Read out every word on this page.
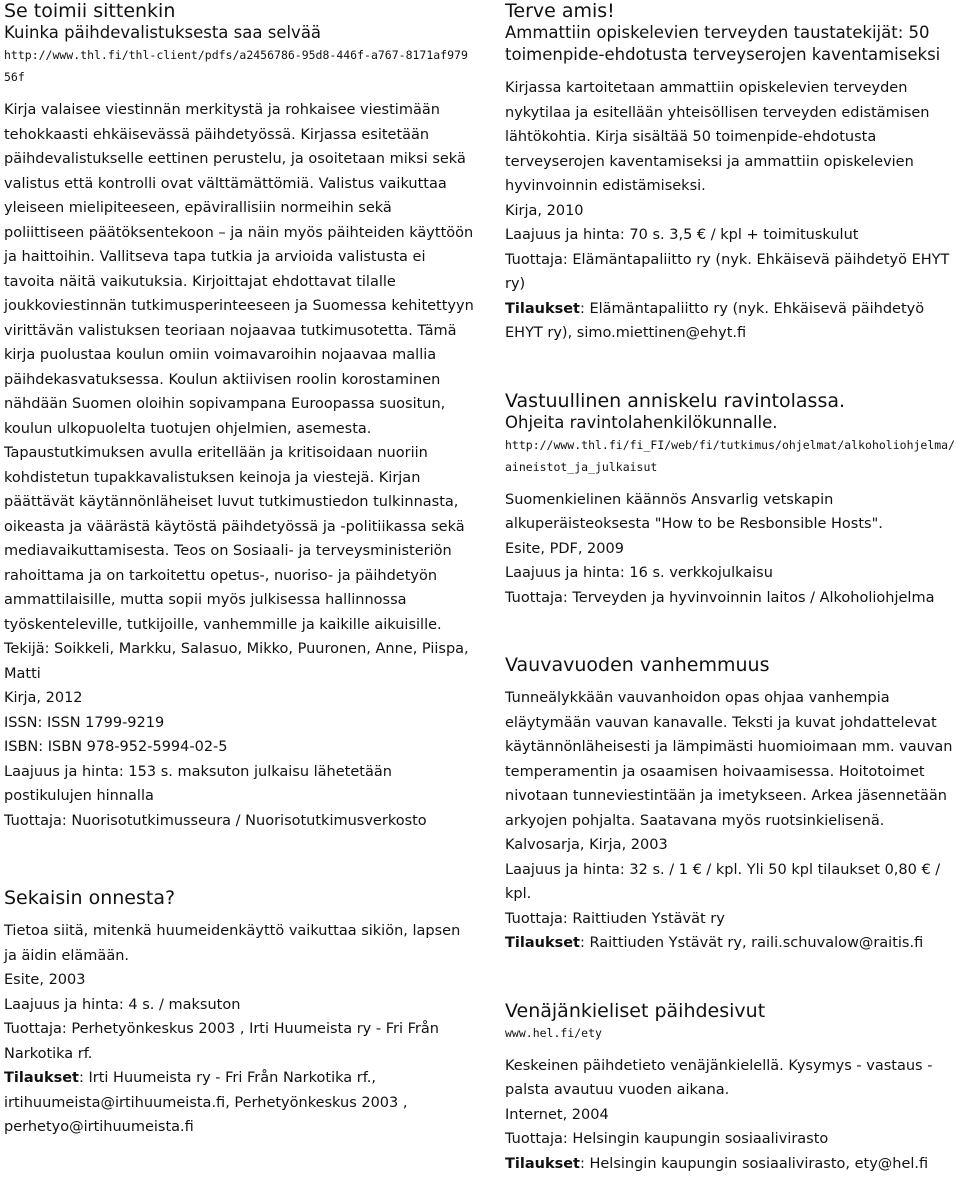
Se toimii sittenkin
Kuinka päihdevalistuksesta saa selvää

http://www.thl.fi/thl-client/pdfs/a2456786-95d8-446f-a767-8171af97956f

Kirja valaisee viestinnän merkitystä ja rohkaisee viestimään tehokkaasti ehkäisevässä päihdetyössä. Kirjassa esitetään päihdevalistukselle eettinen perustelu, ja osoitetaan miksi sekä valistus että kontrolli ovat välttämättömiä. Valistus vaikuttaa yleiseen mielipiteeseen, epävirallisiin normeihin sekä poliittiseen päätöksentekoon – ja näin myös päihteiden käyttöön ja haittoihin. Vallitseva tapa tutkia ja arvioida valistusta ei tavoita näitä vaikutuksia. Kirjoittajat ehdottavat tilalle joukkoviestinnän tutkimusperinteeseen ja Suomessa kehitettyyn virittävän valistuksen teoriaan nojaavaa tutkimusotetta. Tämä kirja puolustaa koulun omiin voimavaroihin nojaavaa mallia päihdekasvatuksessa. Koulun aktiivisen roolin korostaminen nähdään Suomen oloihin sopivampana Euroopassa suositun, koulun ulkopuolelta tuotujen ohjelmien, asemesta. Tapaustutkimuksen avulla eritellään ja kritisoidaan nuoriin kohdistetun tupakkavalistuksen keinoja ja viestejä. Kirjan päättävät käytännönläheiset luvut tutkimustiedon tulkinnasta, oikeasta ja väärästä käytöstä päihdetyössä ja -politiikassa sekä mediavaikuttamisesta. Teos on Sosiaali- ja terveysministeriön rahoittama ja on tarkoitettu opetus-, nuoriso- ja päihdetyön ammattilaisille, mutta sopii myös julkisessa hallinnossa työskenteleville, tutkijoille, vanhemmille ja kaikille aikuisille.

Tekijä: Soikkeli, Markku, Salasuo, Mikko, Puuronen, Anne, Piispa, Matti

Kirja, 2012

ISSN: ISSN 1799-9219

ISBN: ISBN 978-952-5994-02-5

Laajuus ja hinta: 153 s. maksuton julkaisu lähetetään postikulujen hinnalla

Tuottaja: Nuorisotutkimusseura / Nuorisotutkimusverkosto

Sekaisin onnesta?

Tietoa siitä, mitenkä huumeidenkäyttö vaikuttaa sikiön, lapsen ja äidin elämään.

Esite, 2003

Laajuus ja hinta: 4 s. / maksuton

Tuottaja: Perhetyönkeskus 2003 , Irti Huumeista ry - Fri Från Narkotika rf.

Tilaukset: Irti Huumeista ry - Fri Från Narkotika rf., irtihuumeista@irtihuumeista.fi, Perhetyönkeskus 2003 , perhetyo@irtihuumeista.fi

Terve amis!
Ammattiin opiskelevien terveyden taustatekijät: 50 toimenpide-ehdotusta terveyserojen kaventamiseksi

Kirjassa kartoitetaan ammattiin opiskelevien terveyden nykytilaa ja esitellään yhteisöllisen terveyden edistämisen lähtökohtia. Kirja sisältää 50 toimenpide-ehdotusta terveyserojen kaventamiseksi ja ammattiin opiskelevien hyvinvoinnin edistämiseksi.

Kirja, 2010

Laajuus ja hinta: 70 s. 3,5 € / kpl + toimituskulut

Tuottaja: Elämäntapaliitto ry (nyk. Ehkäisevä päihdetyö EHYT ry)

Tilaukset: Elämäntapaliitto ry (nyk. Ehkäisevä päihdetyö EHYT ry), simo.miettinen@ehyt.fi

Vastuullinen anniskelu ravintolassa.
Ohjeita ravintolahenkilökunnalle.

http://www.thl.fi/fi_FI/web/fi/tutkimus/ohjelmat/alkoholiohjelma/aineistot_ja_julkaisut

Suomenkielinen käännös Ansvarlig vetskapin alkuperäisteoksesta "How to be Resbonsible Hosts".

Esite, PDF, 2009

Laajuus ja hinta: 16 s. verkkojulkaisu

Tuottaja: Terveyden ja hyvinvoinnin laitos / Alkoholiohjelma

Vauvavuoden vanhemmuus

Tunneälykkään vauvanhoidon opas ohjaa vanhempia eläytymään vauvan kanavalle. Teksti ja kuvat johdattelevat käytännönläheisesti ja lämpimästi huomioimaan mm. vauvan temperamentin ja osaamisen hoivaamisessa. Hoitotoimet nivotaan tunneviestintään ja imetykseen. Arkea jäsennetään arkyojen pohjalta. Saatavana myös ruotsinkielisenä.

Kalvosarja, Kirja, 2003

Laajuus ja hinta: 32 s. / 1 € / kpl. Yli 50 kpl tilaukset 0,80 € / kpl.

Tuottaja: Raittiuden Ystävät ry

Tilaukset: Raittiuden Ystävät ry, raili.schuvalow@raitis.fi

Venäjänkieliset päihdesivut

www.hel.fi/ety

Keskeinen päihdetieto venäjänkielellä. Kysymys - vastaus - palsta avautuu vuoden aikana.

Internet, 2004

Tuottaja: Helsingin kaupungin sosiaalivirasto

Tilaukset: Helsingin kaupungin sosiaalivirasto, ety@hel.fi
